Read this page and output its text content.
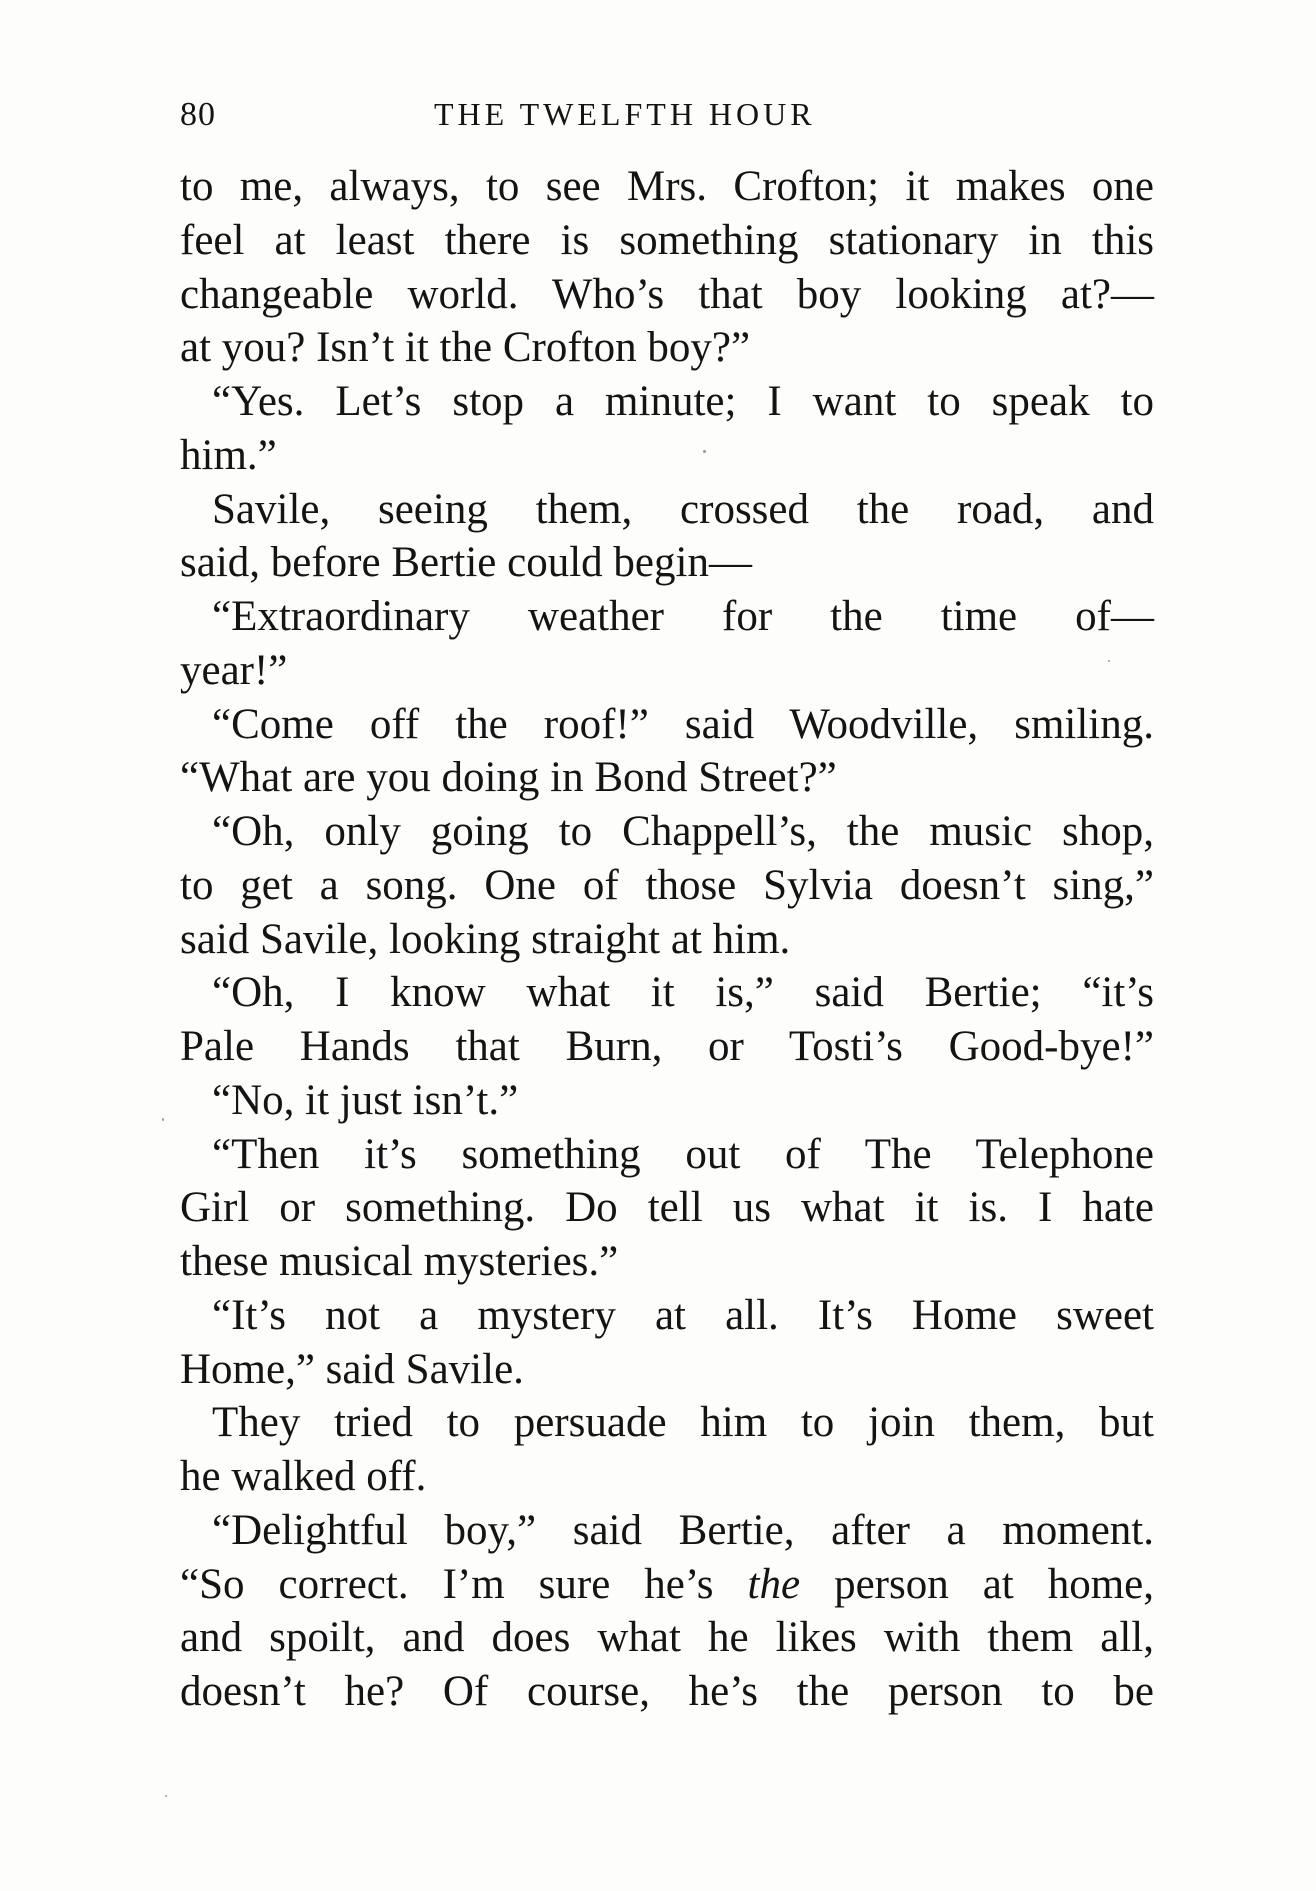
80	THE TWELFTH HOUR
to me, always, to see Mrs. Crofton; it makes one
feel at least there is something stationary in this
changeable world. Who’s that boy looking at?—
at you? Isn’t it the Crofton boy?”
“Yes. Let’s stop a minute; I want to speak to
him.”
Savile, seeing them, crossed the road, and
said, before Bertie could begin—
“Extraordinary weather for the time of—
year!”
“Come off the roof!” said Woodville, smiling.
“What are you doing in Bond Street?”
“Oh, only going to Chappell’s, the music shop,
to get a song. One of those Sylvia doesn’t sing,”
said Savile, looking straight at him.
“Oh, I know what it is,” said Bertie; “it’s
Pale Hands that Burn, or Tosti’s Good-bye!”
“No, it just isn’t.”
“Then it’s something out of The Telephone
Girl or something. Do tell us what it is. I hate
these musical mysteries.”
“It’s not a mystery at all. It’s Home sweet
Home,” said Savile.
They tried to persuade him to join them, but
he walked off.
“Delightful boy,” said Bertie, after a moment.
“So correct. I’m sure he’s the person at home,
and spoilt, and does what he likes with them all,
doesn’t he? Of course, he’s the person to be
